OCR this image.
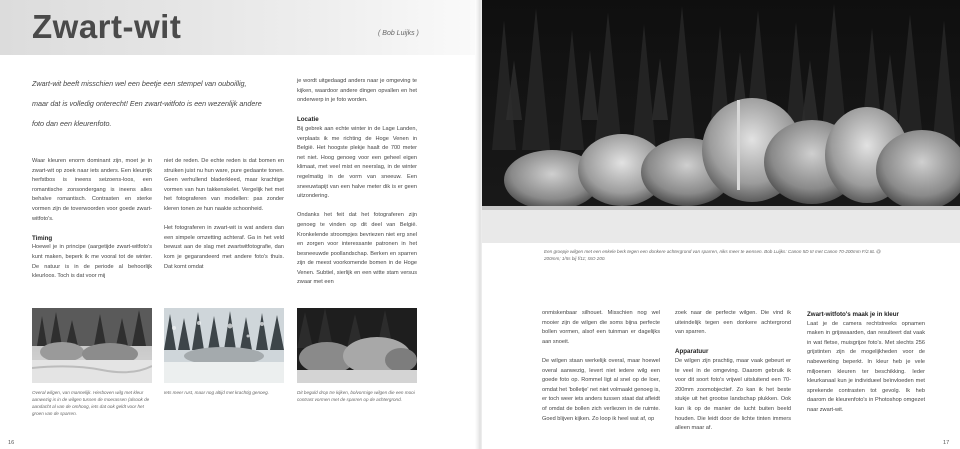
Zwart-wit	( Bob Luijks )
Zwart-wit beeft misschien wel een beetje een stempel van ouboillig,
maar dat is volledig onterecht! Een zwart-witfoto is een wezenlijk andere
foto dan een kleurenfoto.

Waar kleuren enorm dominant zijn, moet je in zwart-wit op zoek naar iets anders. Een kleurrijk herfstbos is ineens seizoens-loos, een romantische zonsondergang is ineens alles behalve romantisch. Contrasten en sterke vormen zijn de toverwoorden voor goede zwart-witfoto's.

Timing

Hoewel je in principe (aargetijde zwart-witfoto's kunt maken, beperk ik me vooral tot de winter. De natuur is in de periode al behoorlijk kleurloos. Toch is dat voor mij

niet de reden. De echte reden is dat bomen en struiken juist nu hun ware, pure gedaante tonen. Geen verhullend bladerkleed, maar krachtige vormen van hun takkenskelet. Vergelijk het met het fotograferen van modellen: pas zonder kleren tonen ze hun naakte schoonheid.

Het fotograferen in zwart-wit is wat anders dan een simpele omzetting achteraf. Ga in het veld bewust aan de slag met zwartwitfotografie, dan kom je gegarandeerd met andere foto's thuis. Dat komt omdat

je wordt uitgedaagd anders naar je omgeving te kijken, waardoor andere dingen opvallen en het onderwerp in je foto worden.

Locatie

Bij gebrek aan echte winter in de Lage Landen, verplaats ik me richting de Hoge Venen in België. Het hoogste plekje haalt de 700 meter net niet. Hoog genoeg voor een geheel eigen klimaat, met veel mist en neerslag, in de winter regelmatig in de vorm van sneeuw. Een sneeuwtapijt van een halve meter dik is er geen uitzondering.

Ondanks het feit dat het fotograferen zijn genoeg te vinden op dit deel van België. Kronkelende stroompjes bevriezen niet erg snel en zorgen voor interessante patronen in het besneeuwde poollandschap. Berken en sparren zijn de meest voorkomende bomen in de Hoge Venen. Subtiel, sierlijk en een witte stam versus zwaar met een

Overal wilgen, van mannelijk. Hierboven wilg met kleur aanwezig is in de wilgen tussen de moerassen (alsook de aandacht al van de omhoog, iets dat ook geldt voor het groen van de sparren.
Iets meer rust, maar nog altijd met krachtig genoeg.	Dit beguld drop tre kijken, bolvormige wilgen die een mooi contrast vormen met de sparren op de achtergrond.
16
Een groepje wilgen met een enkele berk tegen een donkere achtergrond van sparren, niks meer te wensen. Bob Luijks: Canon 5D III met Canon 70-200mm F/2.8L @ 200mm; 1/5s bij f/11; ISO 200.

onmiskenbaar silhouet. Misschien nog wel mooier zijn de wilgen die soms bijna perfecte bollen vormen, alsof een tuinman er dagelijks aan snoeit.

De wilgen staan werkelijk overal, maar hoewel overal aanwezig, levert niet iedere wilg een goede foto op. Rommel ligt al snel op de loer, omdat het 'bolletje' net niet volmaakt genoeg is, er toch weer iets anders tussen staat dat afleidt of omdat de bollen zich verliezen in de ruimte. Goed blijven kijken. Zo loop ik heel wat af, op

zoek naar de perfecte wilgen. Die vind ik uiteindelijk tegen een donkere achtergrond van sparren.

Apparatuur

De wilgen zijn prachtig, maar vaak gebeurt er te veel in de omgeving. Daarom gebruik ik voor dit soort foto's vrijwel uitsluitend een 70-200mm zoomobjectief. Zo kan ik het beste stukje uit het grootse landschap plukken. Ook kan ik op de manier de lucht buiten beeld houden. Die leidt door de lichte tinten immers alleen maar af.

Zwart-witfoto's maak je in kleur

Laat je de camera rechtstreeks opnamen maken in grijswaarden, dan resulteert dat vaak in wat fletse, muisgrijze foto's. Met slechts 256 grijstinten zijn de mogelijkheden voor de nabewerking beperkt. In kleur heb je vele miljoenen kleuren ter beschikking. Ieder kleurkanaal kun je individueel beïnvloeden met sprekende contrasten tot gevolg. Ik heb daarom de kleurenfoto's in Photoshop omgezet naar zwart-wit.

17
